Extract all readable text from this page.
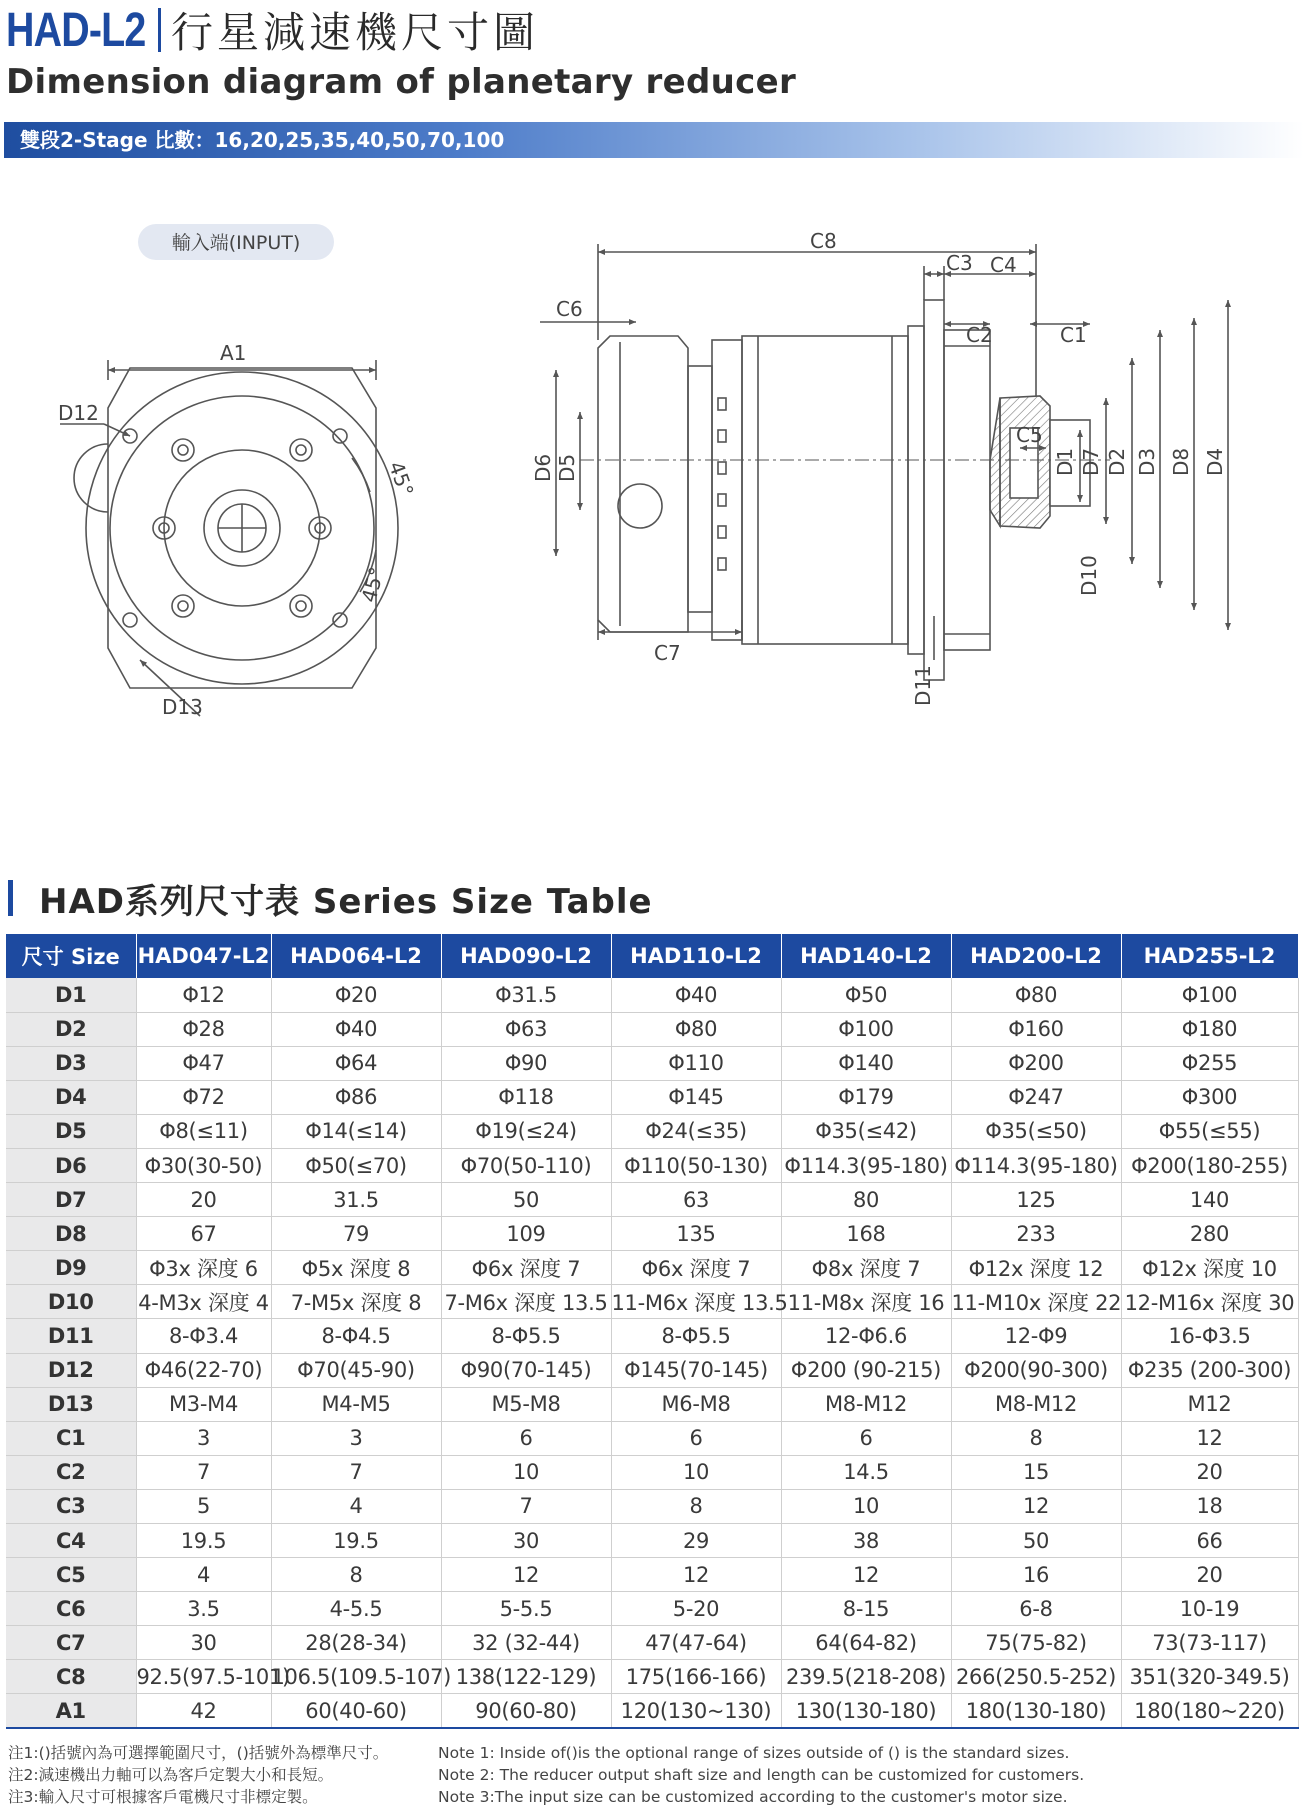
HAD-L2 行星減速機尺寸圖
Dimension diagram of planetary reducer
雙段2-Stage 比數：16,20,25,35,40,50,70,100
輸入端(INPUT)
A1
D12
D13
45°
45°
C8
C3 C4
C6
C2	C1
C5
C7
D6 D5	D1 D7 D2 D3 D8 D4
D10
D11
HAD系列尺寸表 Series Size Table
尺寸 Size	HAD047-L2	HAD064-L2	HAD090-L2	HAD110-L2	HAD140-L2	HAD200-L2	HAD255-L2
D1	Φ12	Φ20	Φ31.5	Φ40	Φ50	Φ80	Φ100
D2	Φ28	Φ40	Φ63	Φ80	Φ100	Φ160	Φ180
D3	Φ47	Φ64	Φ90	Φ110	Φ140	Φ200	Φ255
D4	Φ72	Φ86	Φ118	Φ145	Φ179	Φ247	Φ300
D5	Φ8(≤11)	Φ14(≤14)	Φ19(≤24)	Φ24(≤35)	Φ35(≤42)	Φ35(≤50)	Φ55(≤55)
D6	Φ30(30-50)	Φ50(≤70)	Φ70(50-110)	Φ110(50-130)	Φ114.3(95-180)	Φ114.3(95-180)	Φ200(180-255)
D7	20	31.5	50	63	80	125	140
D8	67	79	109	135	168	233	280
D9	Φ3x 深度 6	Φ5x 深度 8	Φ6x 深度 7	Φ6x 深度 7	Φ8x 深度 7	Φ12x 深度 12	Φ12x 深度 10
D10	4-M3x 深度 4	7-M5x 深度 8	7-M6x 深度 13.5	11-M6x 深度 13.5	11-M8x 深度 16	11-M10x 深度 22	12-M16x 深度 30
D11	8-Φ3.4	8-Φ4.5	8-Φ5.5	8-Φ5.5	12-Φ6.6	12-Φ9	16-Φ3.5
D12	Φ46(22-70)	Φ70(45-90)	Φ90(70-145)	Φ145(70-145)	Φ200 (90-215)	Φ200(90-300)	Φ235 (200-300)
D13	M3-M4	M4-M5	M5-M8	M6-M8	M8-M12	M8-M12	M12
C1	3	3	6	6	6	8	12
C2	7	7	10	10	14.5	15	20
C3	5	4	7	8	10	12	18
C4	19.5	19.5	30	29	38	50	66
C5	4	8	12	12	12	16	20
C6	3.5	4-5.5	5-5.5	5-20	8-15	6-8	10-19
C7	30	28(28-34)	32 (32-44)	47(47-64)	64(64-82)	75(75-82)	73(73-117)
C8	92.5(97.5-101)	106.5(109.5-107)	138(122-129)	175(166-166)	239.5(218-208)	266(250.5-252)	351(320-349.5)
A1	42	60(40-60)	90(60-80)	120(130~130)	130(130-180)	180(130-180)	180(180~220)
注1:()括號內為可選擇範圍尺寸，()括號外為標準尺寸。
注2:減速機出力軸可以為客戶定製大小和長短。
注3:輸入尺寸可根據客戶電機尺寸非標定製。
Note 1: Inside of()is the optional range of sizes outside of () is the standard sizes.
Note 2: The reducer output shaft size and length can be customized for customers.
Note 3:The input size can be customized according to the customer's motor size.
